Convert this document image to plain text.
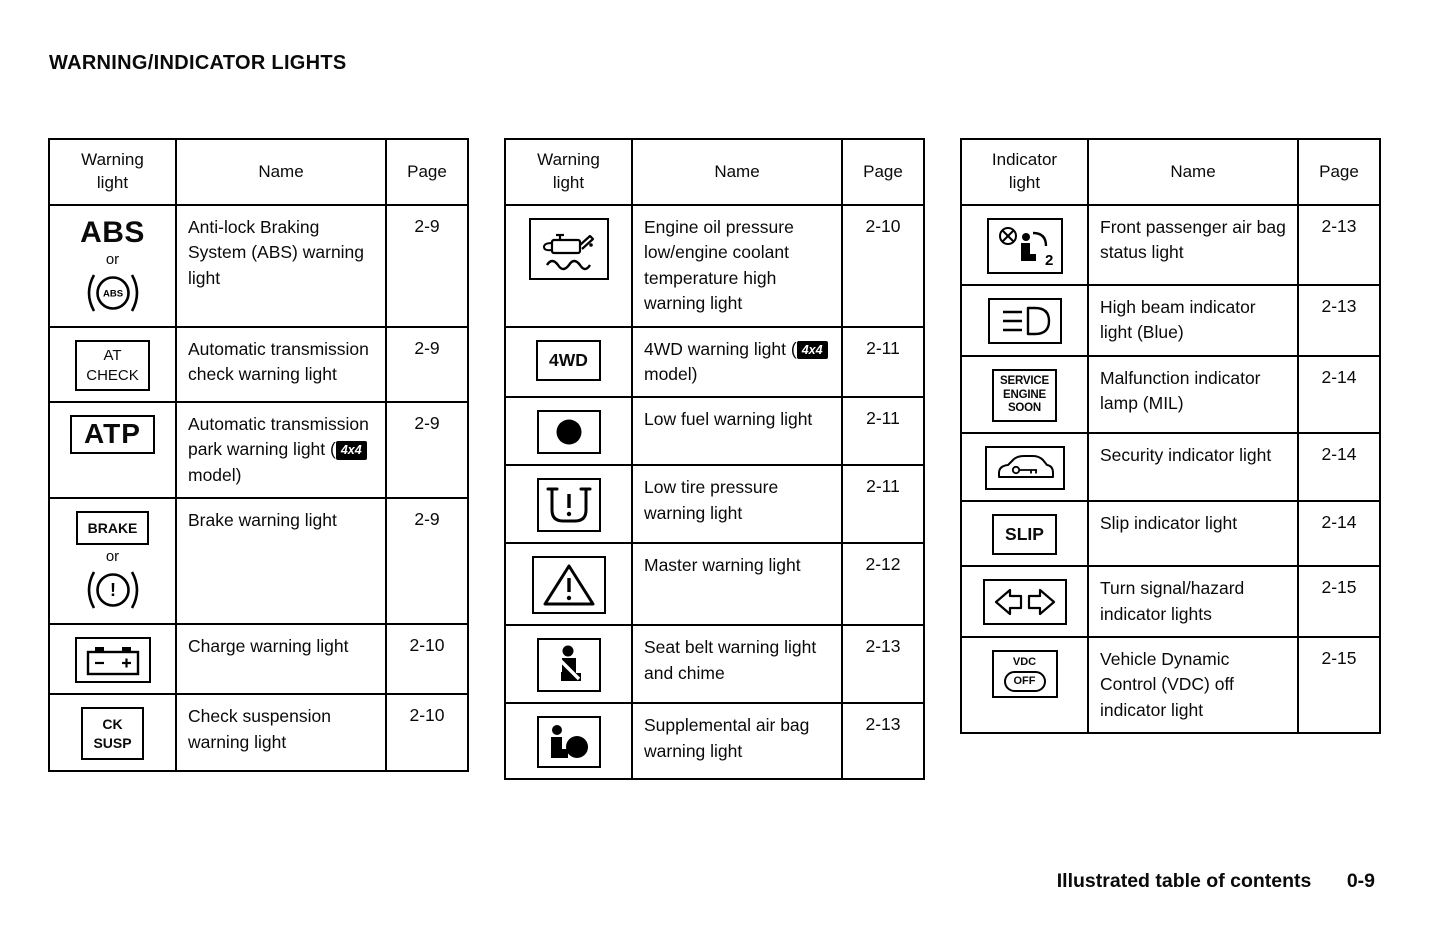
WARNING/INDICATOR LIGHTS
Warning light	Name	Page

ABS
or
ABS	Anti-lock Braking System (ABS) warning light	2-9

AT
CHECK	Automatic transmission check warning light	2-9

ATP	Automatic transmission park warning light ( 4x4 model)	2-9

BRAKE
or
!	Brake warning light	2-9

	Charge warning light	2-10

CK
SUSP	Check suspension warning light	2-10
Warning light	Name	Page

	Engine oil pressure low/engine coolant temperature high warning light	2-10

4WD	4WD warning light ( 4x4 model)	2-11

	Low fuel warning light	2-11

	Low tire pressure warning light	2-11

	Master warning light	2-12

	Seat belt warning light and chime	2-13

	Supplemental air bag warning light	2-13
Indicator light	Name	Page

2	Front passenger air bag status light	2-13

	High beam indicator light (Blue)	2-13

SERVICE
ENGINE
SOON	Malfunction indicator lamp (MIL)	2-14

	Security indicator light	2-14

SLIP	Slip indicator light	2-14

	Turn signal/hazard indicator lights	2-15

VDC
OFF	Vehicle Dynamic Control (VDC) off indicator light	2-15
Illustrated table of contents 0-9
